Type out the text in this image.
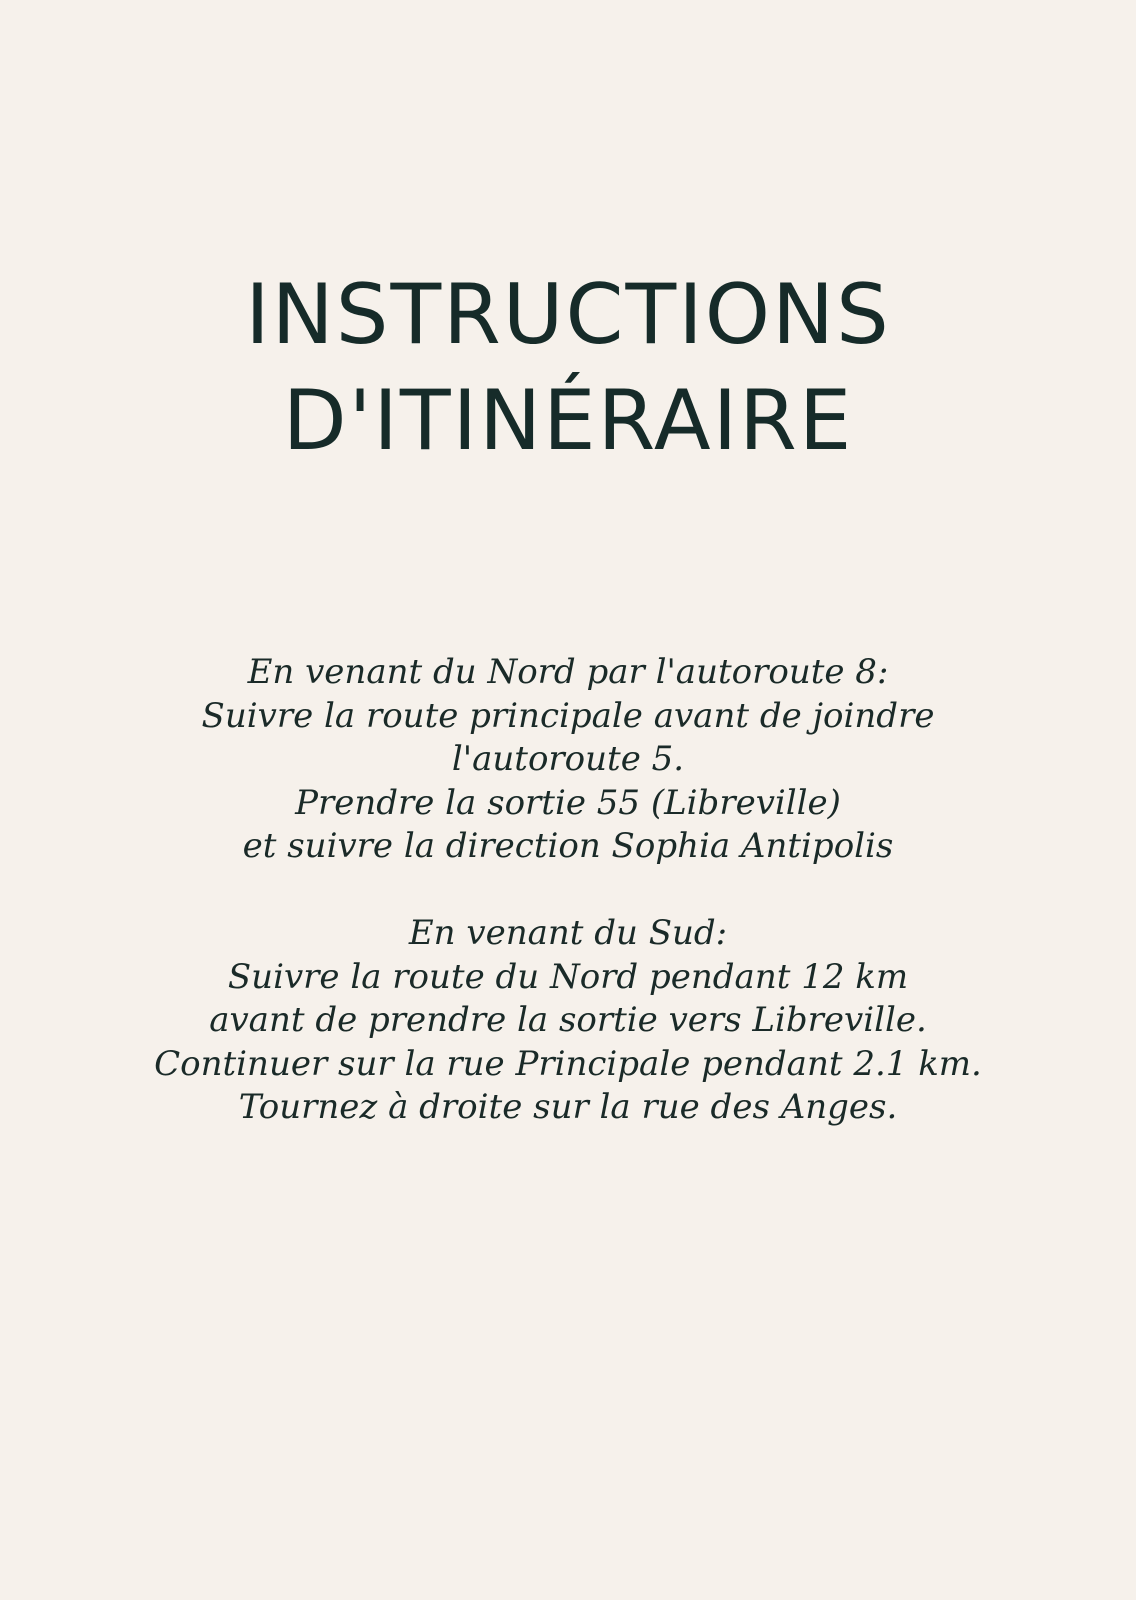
INSTRUCTIONS
D'ITINÉRAIRE

En venant du Nord par l'autoroute 8:
Suivre la route principale avant de joindre
l'autoroute 5.
Prendre la sortie 55 (Libreville)
et suivre la direction Sophia Antipolis

En venant du Sud:
Suivre la route du Nord pendant 12 km
avant de prendre la sortie vers Libreville.
Continuer sur la rue Principale pendant 2.1 km.
Tournez à droite sur la rue des Anges.
